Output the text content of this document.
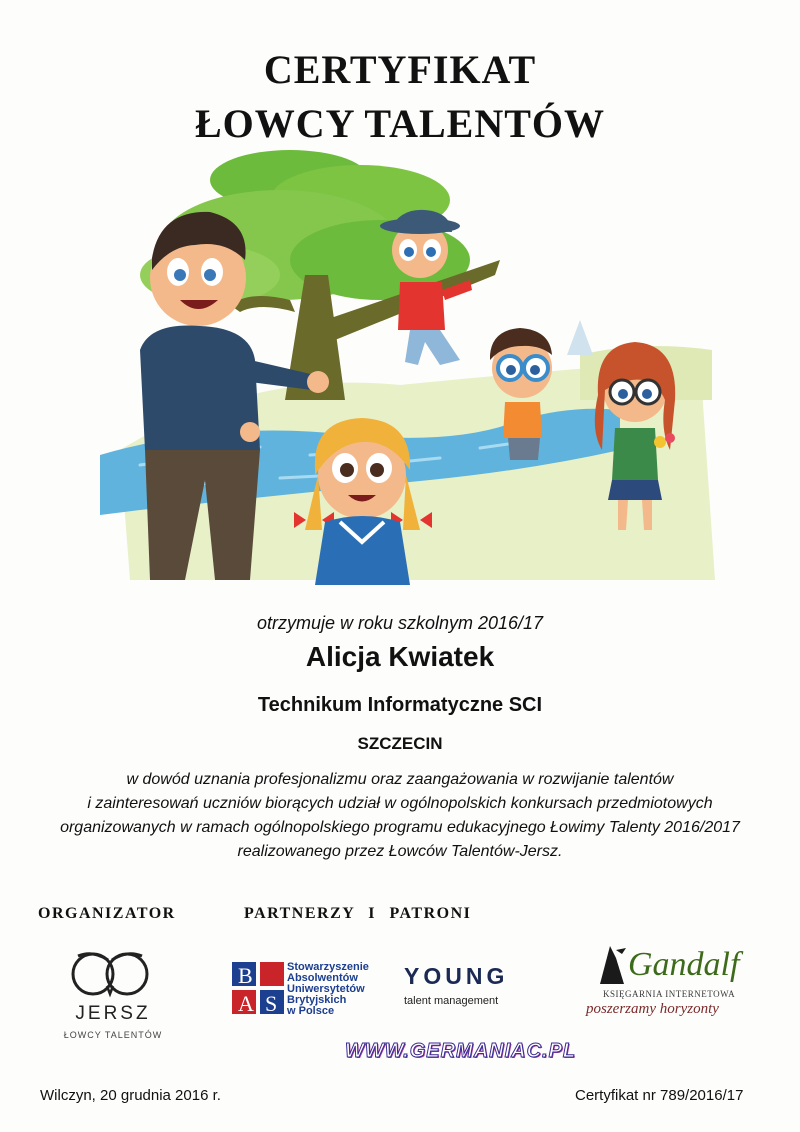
CERTYFIKAT
ŁOWCY TALENTÓW
otrzymuje w roku szkolnym 2016/17
Alicja Kwiatek
Technikum Informatyczne SCI
SZCZECIN
w dowód uznania profesjonalizmu oraz zaangażowania w rozwijanie talentów
i zainteresowań uczniów biorących udział w ogólnopolskich konkursach przedmiotowych
organizowanych w ramach ogólnopolskiego programu edukacyjnego Łowimy Talenty 2016/2017
realizowanego przez Łowców Talentów-Jersz.
ORGANIZATOR	PARTNERZY I PATRONI
JERSZ
ŁOWCY TALENTÓW
B
A S
Stowarzyszenie
Absolwentów
Uniwersytetów
Brytyjskich
w Polsce
YOUNG
talent management
Gandalf
KSIĘGARNIA INTERNETOWA
poszerzamy horyzonty
WWW.GERMANIAC.PL
Wilczyn, 20 grudnia 2016 r.	Certyfikat nr 789/2016/17
